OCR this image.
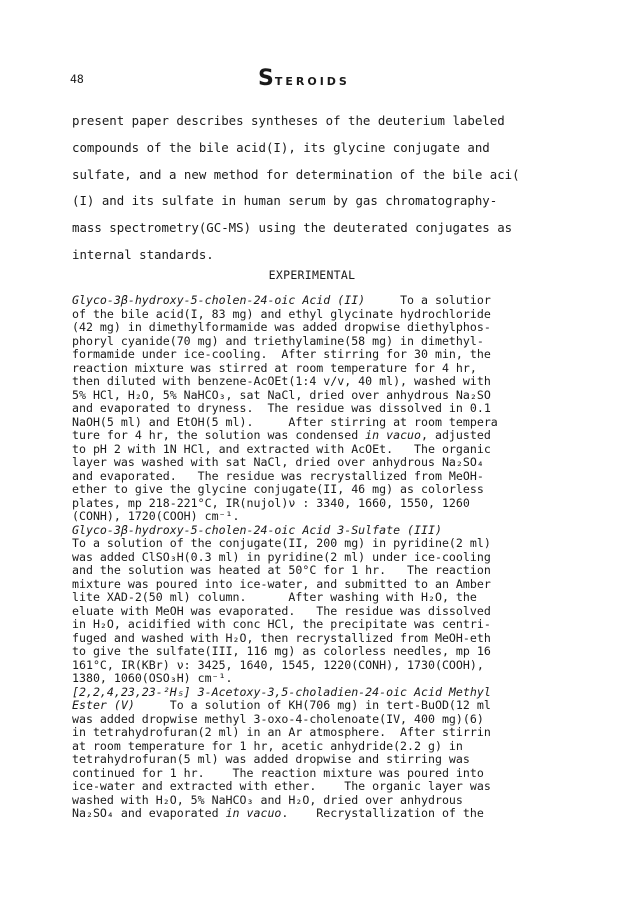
48	STEROIDS
present paper describes syntheses of the deuterium labeled
compounds of the bile acid(I), its glycine conjugate and
sulfate, and a new method for determination of the bile aci(
(I) and its sulfate in human serum by gas chromatography-
mass spectrometry(GC-MS) using the deuterated conjugates as
internal standards.
EXPERIMENTAL
Glyco-3β-hydroxy-5-cholen-24-oic Acid (II)     To a solutior
of the bile acid(I, 83 mg) and ethyl glycinate hydrochloride
(42 mg) in dimethylformamide was added dropwise diethylphos-
phoryl cyanide(70 mg) and triethylamine(58 mg) in dimethyl-
formamide under ice-cooling.  After stirring for 30 min, the
reaction mixture was stirred at room temperature for 4 hr,
then diluted with benzene-AcOEt(1:4 v/v, 40 ml), washed with
5% HCl, H₂O, 5% NaHCO₃, sat NaCl, dried over anhydrous Na₂SO
and evaporated to dryness.  The residue was dissolved in 0.1
NaOH(5 ml) and EtOH(5 ml).     After stirring at room tempera
ture for 4 hr, the solution was condensed in vacuo, adjusted
to pH 2 with 1N HCl, and extracted with AcOEt.   The organic
layer was washed with sat NaCl, dried over anhydrous Na₂SO₄
and evaporated.   The residue was recrystallized from MeOH-
ether to give the glycine conjugate(II, 46 mg) as colorless
plates, mp 218-221°C, IR(nujol)ν : 3340, 1660, 1550, 1260
(CONH), 1720(COOH) cm⁻¹.
Glyco-3β-hydroxy-5-cholen-24-oic Acid 3-Sulfate (III)
To a solution of the conjugate(II, 200 mg) in pyridine(2 ml)
was added ClSO₃H(0.3 ml) in pyridine(2 ml) under ice-cooling
and the solution was heated at 50°C for 1 hr.   The reaction
mixture was poured into ice-water, and submitted to an Amber
lite XAD-2(50 ml) column.      After washing with H₂O, the
eluate with MeOH was evaporated.   The residue was dissolved
in H₂O, acidified with conc HCl, the precipitate was centri-
fuged and washed with H₂O, then recrystallized from MeOH-eth
to give the sulfate(III, 116 mg) as colorless needles, mp 16
161°C, IR(KBr) ν: 3425, 1640, 1545, 1220(CONH), 1730(COOH),
1380, 1060(OSO₃H) cm⁻¹.
[2,2,4,23,23-²H₅] 3-Acetoxy-3,5-choladien-24-oic Acid Methyl
Ester (V)     To a solution of KH(706 mg) in tert-BuOD(12 ml
was added dropwise methyl 3-oxo-4-cholenoate(IV, 400 mg)(6)
in tetrahydrofuran(2 ml) in an Ar atmosphere.  After stirrin
at room temperature for 1 hr, acetic anhydride(2.2 g) in
tetrahydrofuran(5 ml) was added dropwise and stirring was
continued for 1 hr.    The reaction mixture was poured into
ice-water and extracted with ether.    The organic layer was
washed with H₂O, 5% NaHCO₃ and H₂O, dried over anhydrous
Na₂SO₄ and evaporated in vacuo.    Recrystallization of the
